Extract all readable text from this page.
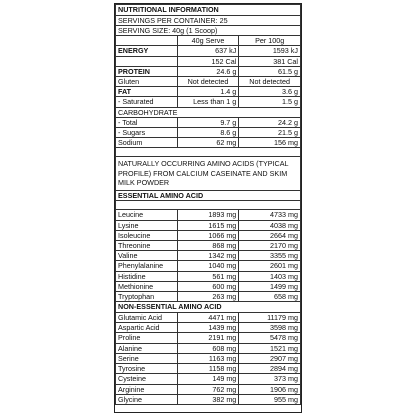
NUTRITIONAL INFORMATION		
SERVINGS PER CONTAINER: 25		
SERVING SIZE: 40g (1 Scoop)		
	40g Serve	Per 100g
ENERGY	637 kJ	1593 kJ
	152 Cal	381 Cal
PROTEIN	24.6 g	61.5 g
Gluten	Not detected	Not detected
FAT	1.4 g	3.6 g
- Saturated	Less than 1 g	1.5 g
CARBOHYDRATE		
- Total	9.7 g	24.2 g
- Sugars	8.6 g	21.5 g
Sodium	62 mg	156 mg

NATURALLY OCCURRING AMINO ACIDS (TYPICAL PROFILE) FROM CALCIUM CASEINATE AND SKIM MILK POWDER		
ESSENTIAL AMINO ACID		

Leucine	1893 mg	4733 mg
Lysine	1615 mg	4038 mg
Isoleucine	1066 mg	2664 mg
Threonine	868 mg	2170 mg
Valine	1342 mg	3355 mg
Phenylalanine	1040 mg	2601 mg
Histidine	561 mg	1403 mg
Methionine	600 mg	1499 mg
Tryptophan	263 mg	658 mg
NON-ESSENTIAL AMINO ACID		
Glutamic Acid	4471 mg	11179 mg
Aspartic Acid	1439 mg	3598 mg
Proline	2191 mg	5478 mg
Alanine	608 mg	1521 mg
Serine	1163 mg	2907 mg
Tyrosine	1158 mg	2894 mg
Cysteine	149 mg	373 mg
Arginine	762 mg	1906 mg
Glycine	382 mg	955 mg
